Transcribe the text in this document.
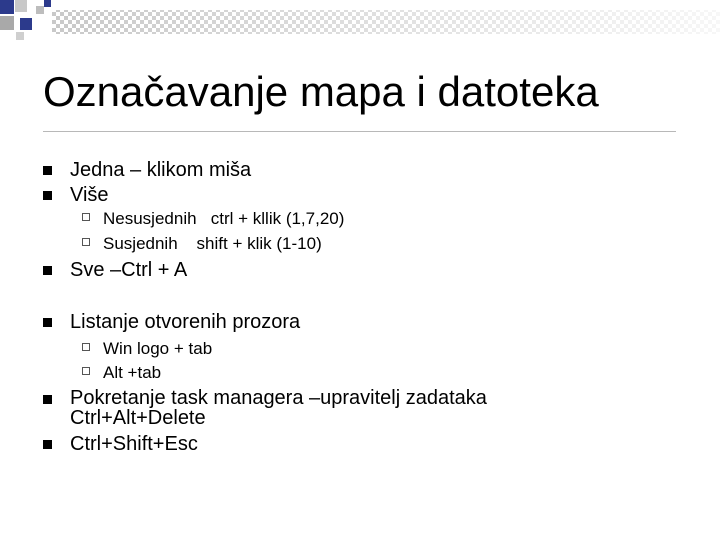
Označavanje mapa i datoteka
Jedna – klikom miša
Više
Nesusjednih   ctrl + kllik (1,7,20)
Susjednih    shift + klik (1-10)
Sve –Ctrl + A
Listanje otvorenih prozora
Win logo + tab
Alt +tab
Pokretanje task managera –upravitelj zadataka Ctrl+Alt+Delete
Ctrl+Shift+Esc
